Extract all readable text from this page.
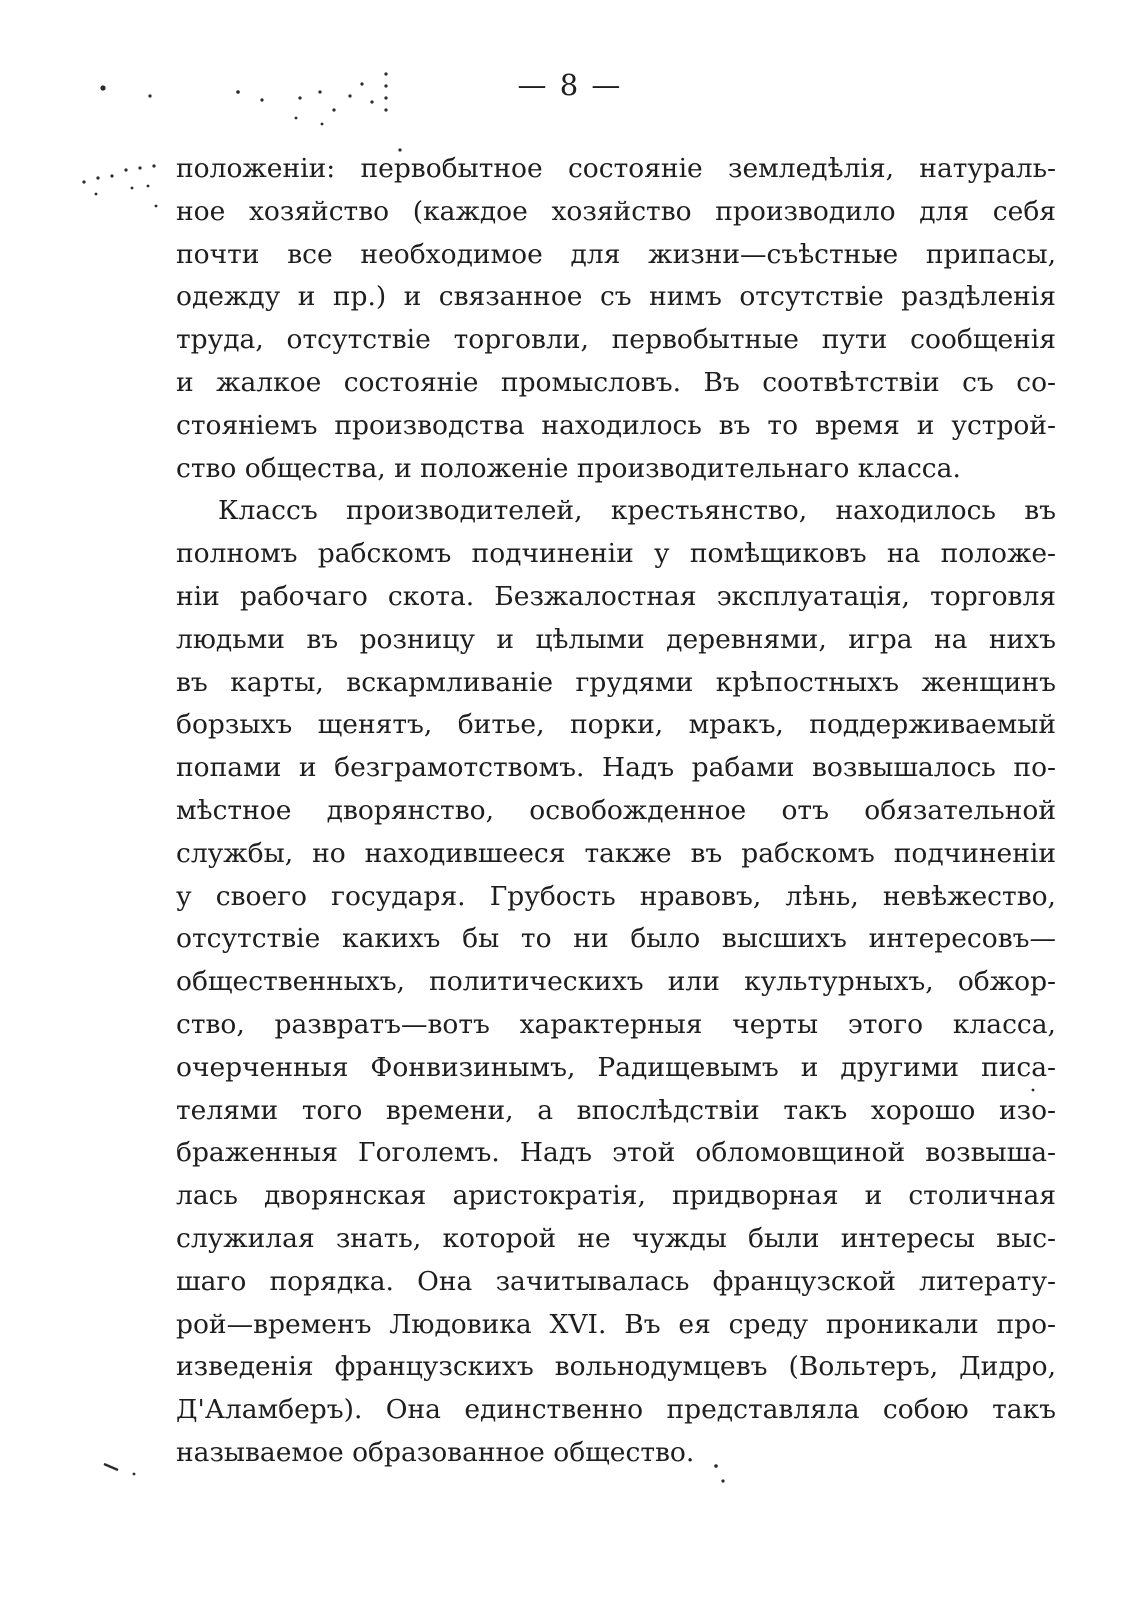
— 8 —
положеніи: первобытное состояніе земледѣлія, натураль-
ное хозяйство (каждое хозяйство производило для себя
почти все необходимое для жизни—съѣстные припасы,
одежду и пр.) и связанное съ нимъ отсутствіе раздѣленія
труда, отсутствіе торговли, первобытные пути сообщенія
и жалкое состояніе промысловъ. Въ соотвѣтствіи съ со-
стояніемъ производства находилось въ то время и устрой-
ство общества, и положеніе производительнаго класса.
Классъ производителей, крестьянство, находилось въ
полномъ рабскомъ подчиненіи у помѣщиковъ на положе-
ніи рабочаго скота. Безжалостная эксплуатація, торговля
людьми въ розницу и цѣлыми деревнями, игра на нихъ
въ карты, вскармливаніе грудями крѣпостныхъ женщинъ
борзыхъ щенятъ, битье, порки, мракъ, поддерживаемый
попами и безграмотствомъ. Надъ рабами возвышалось по-
мѣстное дворянство, освобожденное отъ обязательной
службы, но находившееся также въ рабскомъ подчиненіи
у своего государя. Грубость нравовъ, лѣнь, невѣжество,
отсутствіе какихъ бы то ни было высшихъ интересовъ—
общественныхъ, политическихъ или культурныхъ, обжор-
ство, развратъ—вотъ характерныя черты этого класса,
очерченныя Фонвизинымъ, Радищевымъ и другими писа-
телями того времени, а впослѣдствіи такъ хорошо изо-
браженныя Гоголемъ. Надъ этой обломовщиной возвыша-
лась дворянская аристократія, придворная и столичная
служилая знать, которой не чужды были интересы выс-
шаго порядка. Она зачитывалась французской литерату-
рой—временъ Людовика XVI. Въ ея среду проникали про-
изведенія французскихъ вольнодумцевъ (Вольтеръ, Дидро,
Д'Аламберъ). Она единственно представляла собою такъ
называемое образованное общество.
